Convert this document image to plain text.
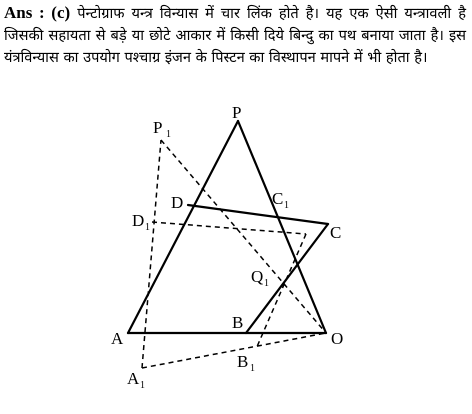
Ans : (c) पेन्टोग्राफ यन्त्र विन्यास में चार लिंक होते है। यह एक ऐसी यन्त्रावली है जिसकी सहायता से बड़े या छोटे आकार में किसी दिये बिन्दु का पथ बनाया जाता है। इस यंत्रविन्यास का उपयोग पश्चाग्र इंजन के पिस्टन का विस्थापन मापने में भी होता है।
P
P 1
D	C 1
D 1	C
Q 1
B
A	O
B 1
A 1
